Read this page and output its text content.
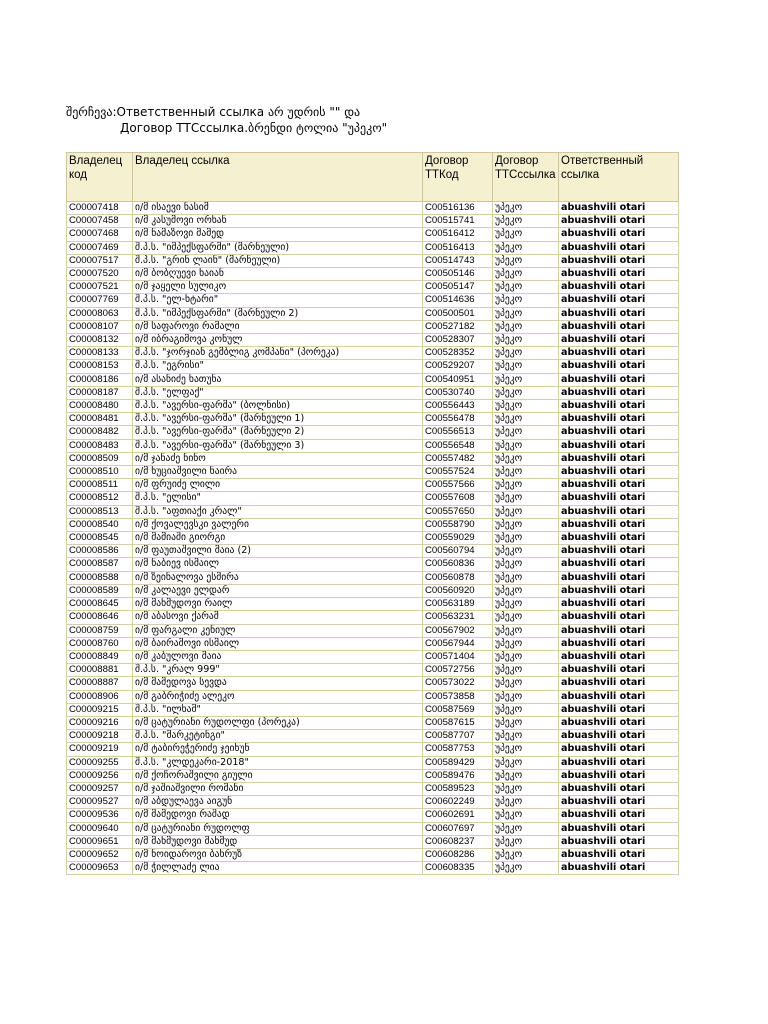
შერჩევა:Ответственный ссылка არ უდრის "" და
Договор ТТСссылка.ბრენდი ტოლია "უპეკო"
Владелец код	Владелец ссылка	Договор ТТКод	Договор ТТСссылка	Ответственный ссылка
C00007418	ი/მ ისაევი ნასიმ	C00516136	უპეკო	abuashvili otari
C00007458	ი/მ კასუმოვი ორხან	C00515741	უპეკო	abuashvili otari
C00007468	ი/მ ნამაზოვი მამედ	C00516412	უპეკო	abuashvili otari
C00007469	შ.პ.ს. "იმპექსფარმი" (მარნეული)	C00516413	უპეკო	abuashvili otari
C00007517	შ.პ.ს. "გრინ ლაინ" (მარნეული)	C00514743	უპეკო	abuashvili otari
C00007520	ი/მ ბობღუევი ხაიან	C00505146	უპეკო	abuashvili otari
C00007521	ი/მ ჯაყელი სულიკო	C00505147	უპეკო	abuashvili otari
C00007769	შ.პ.ს. "ელ-ხტარი"	C00514636	უპეკო	abuashvili otari
C00008063	შ.პ.ს. "იმპექსფარმი" (მარნეული 2)	C00500501	უპეკო	abuashvili otari
C00008107	ი/მ საფაროვი რამალი	C00527182	უპეკო	abuashvili otari
C00008132	ი/მ იბრაგიმოვა კონულ	C00528307	უპეკო	abuashvili otari
C00008133	შ.პ.ს. "ჯორჯიან გემბლიგ კომპანი" (პორეკა)	C00528352	უპეკო	abuashvili otari
C00008153	შ.პ.ს. "ეგრისი"	C00529207	უპეკო	abuashvili otari
C00008186	ი/მ ასანიძე ხათუნა	C00540951	უპეკო	abuashvili otari
C00008187	შ.პ.ს. "ელფაქ"	C00530740	უპეკო	abuashvili otari
C00008480	შ.პ.ს. "ავერსი-ფარმა" (ბოლნისი)	C00556443	უპეკო	abuashvili otari
C00008481	შ.პ.ს. "ავერსი-ფარმა" (მარნეული 1)	C00556478	უპეკო	abuashvili otari
C00008482	შ.პ.ს. "ავერსი-ფარმა" (მარნეული 2)	C00556513	უპეკო	abuashvili otari
C00008483	შ.პ.ს. "ავერსი-ფარმა" (მარნეული 3)	C00556548	უპეკო	abuashvili otari
C00008509	ი/მ ჯანაძე ნინო	C00557482	უპეკო	abuashvili otari
C00008510	ი/მ ხუციაშვილი ნაირა	C00557524	უპეკო	abuashvili otari
C00008511	ი/მ ფრუიძე ლილი	C00557566	უპეკო	abuashvili otari
C00008512	შ.პ.ს. "ელისი"	C00557608	უპეკო	abuashvili otari
C00008513	შ.პ.ს. "აფთიაქი კრალ"	C00557650	უპეკო	abuashvili otari
C00008540	ი/მ ქოვალევსკი ვალერი	C00558790	უპეკო	abuashvili otari
C00008545	ი/მ მამიაში გიორგი	C00559029	უპეკო	abuashvili otari
C00008586	ი/მ ფაუთაშვილი მაია (2)	C00560794	უპეკო	abuashvili otari
C00008587	ი/მ ნაბიევ ისმაილ	C00560836	უპეკო	abuashvili otari
C00008588	ი/მ ზეინალოვა ესმირა	C00560878	უპეკო	abuashvili otari
C00008589	ი/მ კალაევი ელდარ	C00560920	უპეკო	abuashvili otari
C00008645	ი/მ მახმუდოვი რაილ	C00563189	უპეკო	abuashvili otari
C00008646	ი/მ აბასოვი ქარამ	C00563231	უპეკო	abuashvili otari
C00008759	ი/მ ფარგალი კენიულ	C00567902	უპეკო	abuashvili otari
C00008760	ი/მ ბაირამოვი ისმაილ	C00567944	უპეკო	abuashvili otari
C00008849	ი/მ კაბულოვი მაია	C00571404	უპეკო	abuashvili otari
C00008881	შ.პ.ს. "კრალ 999"	C00572756	უპეკო	abuashvili otari
C00008887	ი/მ მამედოვა სევდა	C00573022	უპეკო	abuashvili otari
C00008906	ი/მ გაბრიჭიძე ალეკო	C00573858	უპეკო	abuashvili otari
C00009215	შ.პ.ს. "ილხამ"	C00587569	უპეკო	abuashvili otari
C00009216	ი/მ ცატურიანი რუდოლფი (პორეკა)	C00587615	უპეკო	abuashvili otari
C00009218	შ.პ.ს. "მარკეტინგი"	C00587707	უპეკო	abuashvili otari
C00009219	ი/მ ტაბირეჭერიძე ჯეიხუნ	C00587753	უპეკო	abuashvili otari
C00009255	შ.პ.ს. "კლდეკარი-2018"	C00589429	უპეკო	abuashvili otari
C00009256	ი/მ ქოჩორაშვილი გიული	C00589476	უპეკო	abuashvili otari
C00009257	ი/მ ჯაშიაშვილი რომანი	C00589523	უპეკო	abuashvili otari
C00009527	ი/მ აბდულაევა აიგუნ	C00602249	უპეკო	abuashvili otari
C00009536	ი/მ მამედოვი რაშად	C00602691	უპეკო	abuashvili otari
C00009640	ი/მ ცატურიანი რუდოლფ	C00607697	უპეკო	abuashvili otari
C00009651	ი/მ მახმუდოვი მახმუდ	C00608237	უპეკო	abuashvili otari
C00009652	ი/მ ნოიდაროვი ბახრუზ	C00608286	უპეკო	abuashvili otari
C00009653	ი/მ ჭილლაძე ლია	C00608335	უპეკო	abuashvili otari
